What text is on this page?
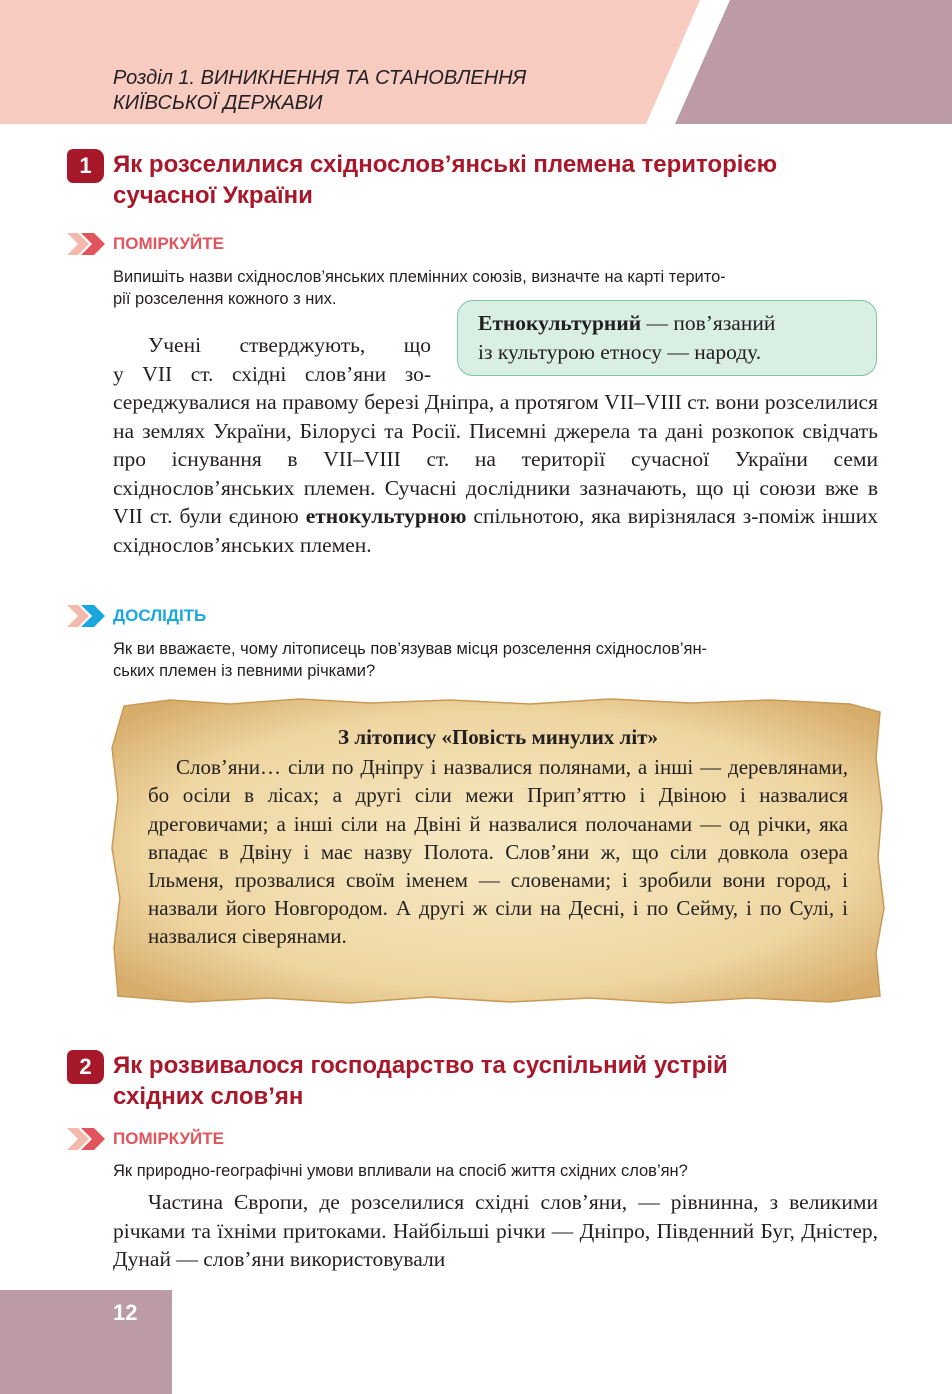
Розділ 1. ВИНИКНЕННЯ ТА СТАНОВЛЕННЯ
КИЇВСЬКОЇ ДЕРЖАВИ
1 Як розселилися східнослов’янські племена територією
сучасної України
ПОМІРКУЙТЕ
Випишіть назви східнослов’янських племінних союзів, визначте на карті терито-
рії розселення кожного з них.
Етнокультурний — пов’язаний
із культурою етносу — народу.
Учені стверджують, що
у VII ст. східні слов’яни зо-

середжувалися на правому березі Дніпра, а протягом VII–VIII ст. вони розселилися на землях України, Білорусі та Росії. Писемні джерела та дані розкопок свідчать про існування в VII–VIII ст. на території сучасної України семи східнослов’янських племен. Сучасні дослідники зазначають, що ці союзи вже в VII ст. були єдиною етнокультурною спільнотою, яка вирізнялася з-поміж інших східнослов’янських племен.

ДОСЛІДІТЬ
Як ви вважаєте, чому літописець пов’язував місця розселення східнослов’ян-
ських племен із певними річками?
З літопису «Повість минулих літ»
Слов’яни… сіли по Дніпру і назвалися полянами, а інші — деревлянами, бо осіли в лісах; а другі сіли межи Прип’яттю і Двіною і назвалися дреговичами; а інші сіли на Двіні й назвалися полочанами — од річки, яка впадає в Двіну і має назву Полота. Слов’яни ж, що сіли довкола озера Ільменя, прозвалися своїм іменем — словенами; і зробили вони город, і назвали його Новгородом. А другі ж сіли на Десні, і по Сейму, і по Сулі, і назвалися сіверянами.
2 Як розвивалося господарство та суспільний устрій
східних слов’ян
ПОМІРКУЙТЕ
Як природно-географічні умови впливали на спосіб життя східних слов’ян?

Частина Європи, де розселилися східні слов’яни, — рівнинна, з великими річками та їхніми притоками. Найбільші річки — Дніпро, Південний Буг, Дністер, Дунай — слов’яни використовували

12
